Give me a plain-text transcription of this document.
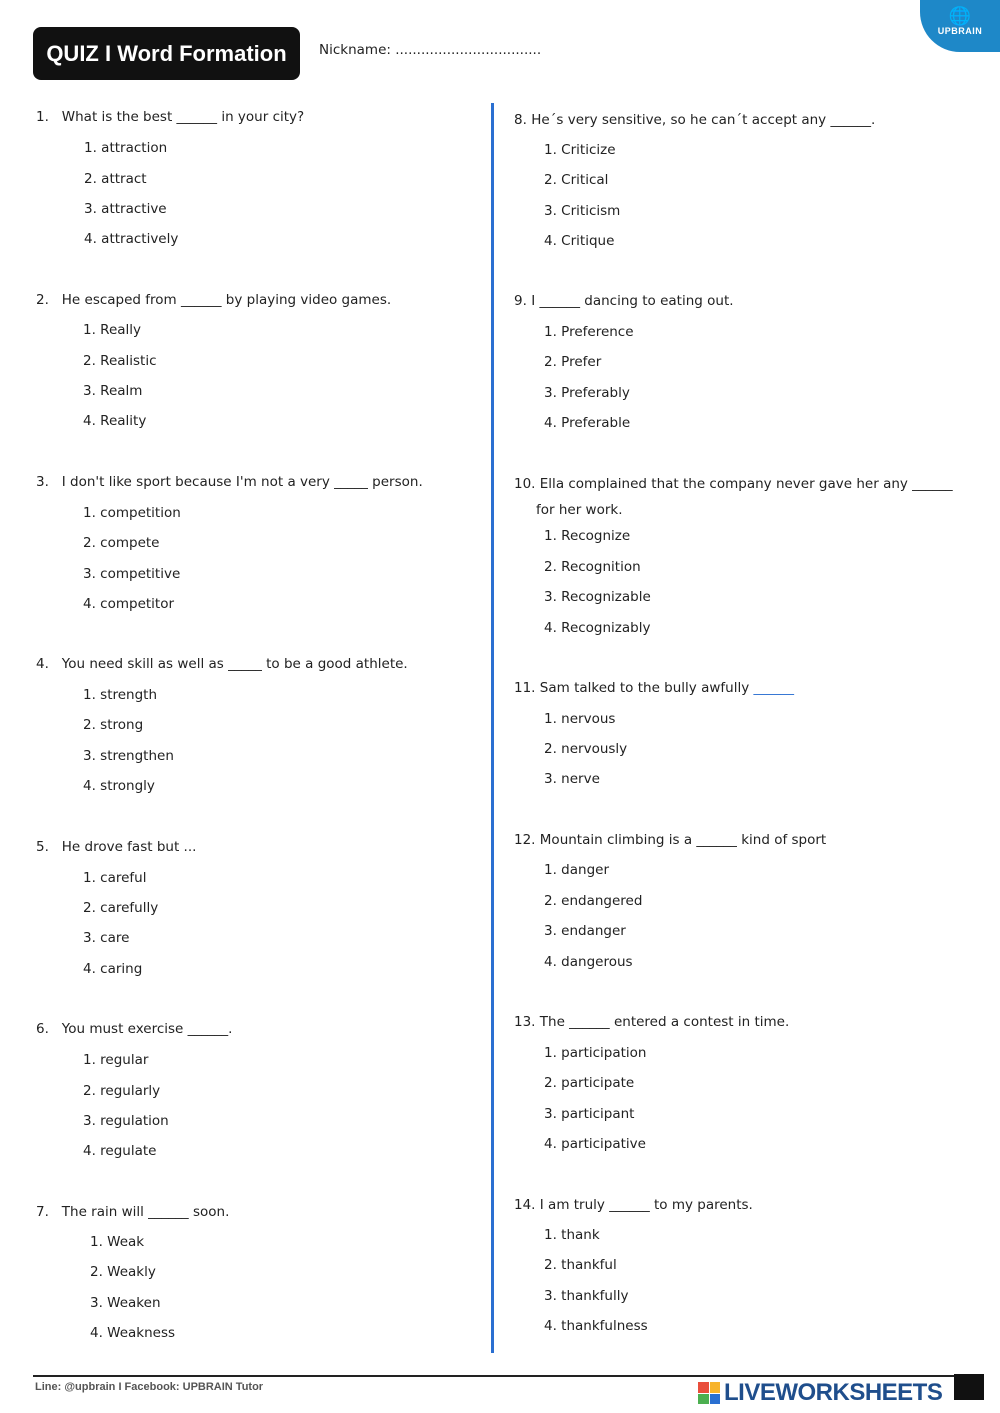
QUIZ I Word Formation	Nickname: ..................................
🌐
UPBRAIN
1. What is the best ______ in your city?
1. attraction
2. attract
3. attractive
4. attractively
2. He escaped from ______ by playing video games.
1. Really
2. Realistic
3. Realm
4. Reality
3. I don't like sport because I'm not a very _____ person.
1. competition
2. compete
3. competitive
4. competitor
4. You need skill as well as _____ to be a good athlete.
1. strength
2. strong
3. strengthen
4. strongly
5. He drove fast but ...
1. careful
2. carefully
3. care
4. caring
6. You must exercise ______.
1. regular
2. regularly
3. regulation
4. regulate
7. The rain will ______ soon.
1. Weak
2. Weakly
3. Weaken
4. Weakness
8. He´s very sensitive, so he can´t accept any ______.
1. Criticize
2. Critical
3. Criticism
4. Critique
9. I ______ dancing to eating out.
1. Preference
2. Prefer
3. Preferably
4. Preferable
10. Ella complained that the company never gave her any ______
for her work.
1. Recognize
2. Recognition
3. Recognizable
4. Recognizably
11. Sam talked to the bully awfully ______
1. nervous
2. nervously
3. nerve
12. Mountain climbing is a ______ kind of sport
1. danger
2. endangered
3. endanger
4. dangerous
13. The ______ entered a contest in time.
1. participation
2. participate
3. participant
4. participative
14. I am truly ______ to my parents.
1. thank
2. thankful
3. thankfully
4. thankfulness
Line: @upbrain I Facebook: UPBRAIN Tutor	LIVEWORKSHEETS
